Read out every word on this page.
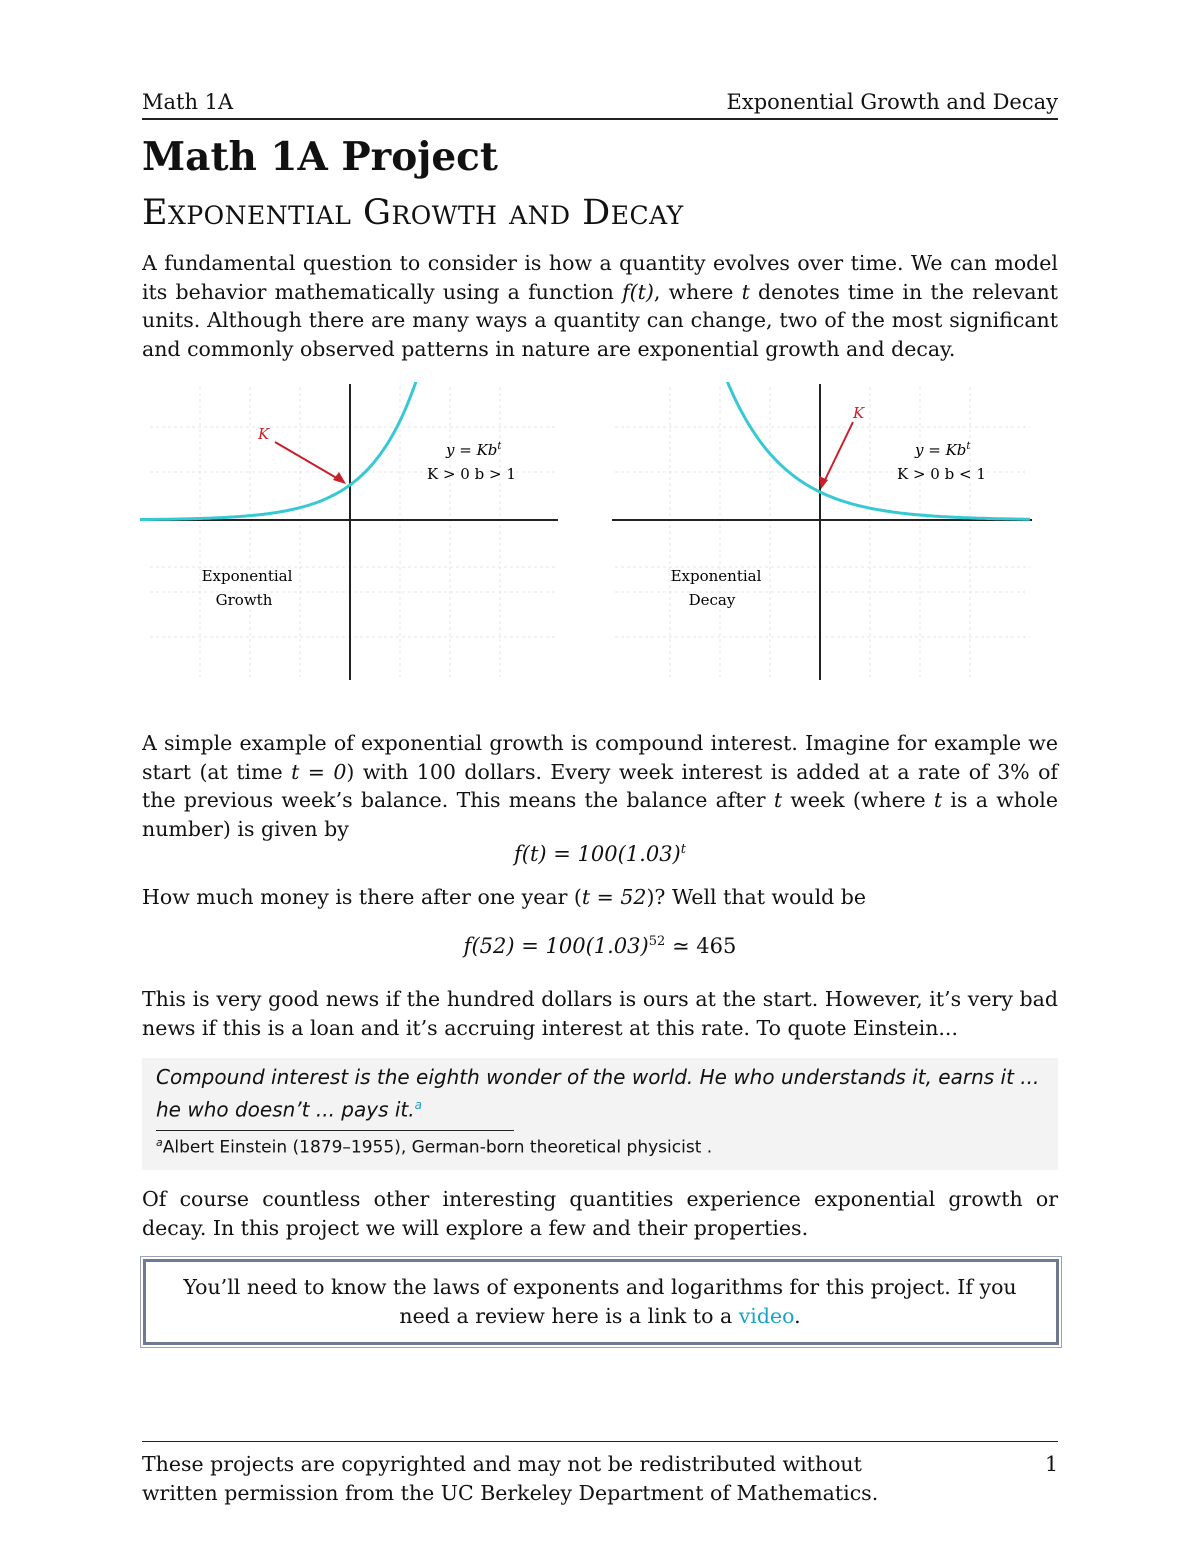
Math 1A	Exponential Growth and Decay
Math 1A Project
Exponential Growth and Decay
A fundamental question to consider is how a quantity evolves over time. We can model its behavior mathematically using a function f(t), where t denotes time in the relevant units. Although there are many ways a quantity can change, two of the most significant and commonly observed patterns in nature are exponential growth and decay.
K
$y = Kb^t$
K > 0 b > 1
Exponential
Growth
K
$y = Kb^t$
K > 0 b < 1
Exponential
Decay
A simple example of exponential growth is compound interest. Imagine for example we start (at time t = 0) with 100 dollars. Every week interest is added at a rate of 3% of the previous week’s balance. This means the balance after t week (where t is a whole number) is given by
$f(t) = 100(1.03)^t$
How much money is there after one year (t = 52)? Well that would be
$f(52) = 100(1.03)^{52}$ ≃ 465
This is very good news if the hundred dollars is ours at the start. However, it’s very bad news if this is a loan and it’s accruing interest at this rate. To quote Einstein...
Compound interest is the eighth wonder of the world. He who understands it, earns it ... he who doesn’t ... pays it.$^a$
$^a$Albert Einstein (1879–1955), German-born theoretical physicist .
Of course countless other interesting quantities experience exponential growth or decay. In this project we will explore a few and their properties.
You’ll need to know the laws of exponents and logarithms for this project. If you need a review here is a link to a video.
These projects are copyrighted and may not be redistributed without
written permission from the UC Berkeley Department of Mathematics.
1
